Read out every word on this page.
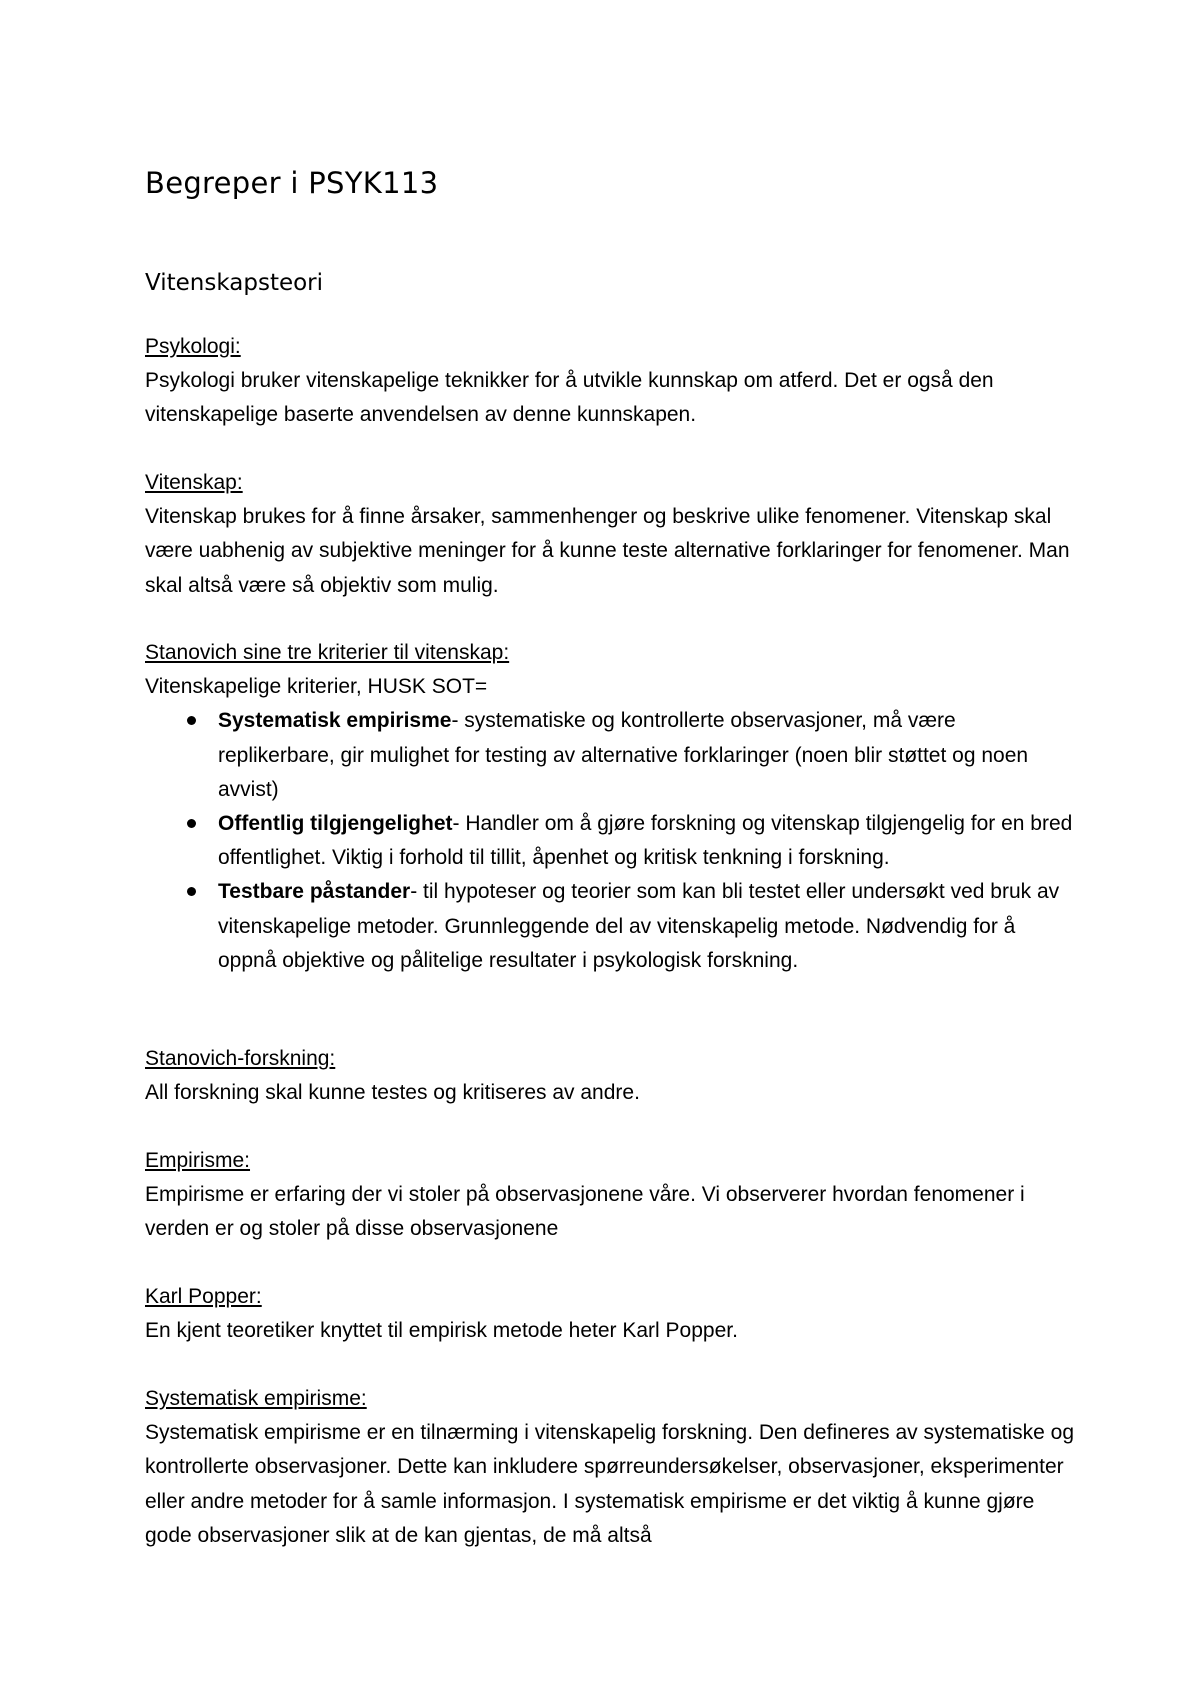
Begreper i PSYK113
Vitenskapsteori
Psykologi:
Psykologi bruker vitenskapelige teknikker for å utvikle kunnskap om atferd. Det er også den vitenskapelige baserte anvendelsen av denne kunnskapen.
Vitenskap:
Vitenskap brukes for å finne årsaker, sammenhenger og beskrive ulike fenomener. Vitenskap skal være uabhenig av subjektive meninger for å kunne teste alternative forklaringer for fenomener. Man skal altså være så objektiv som mulig.
Stanovich sine tre kriterier til vitenskap:
Vitenskapelige kriterier, HUSK SOT=
Systematisk empirisme- systematiske og kontrollerte observasjoner, må være replikerbare, gir mulighet for testing av alternative forklaringer (noen blir støttet og noen avvist)
Offentlig tilgjengelighet- Handler om å gjøre forskning og vitenskap tilgjengelig for en bred offentlighet. Viktig i forhold til tillit, åpenhet og kritisk tenkning i forskning.
Testbare påstander- til hypoteser og teorier som kan bli testet eller undersøkt ved bruk av vitenskapelige metoder. Grunnleggende del av vitenskapelig metode. Nødvendig for å oppnå objektive og pålitelige resultater i psykologisk forskning.
Stanovich-forskning:
All forskning skal kunne testes og kritiseres av andre.
Empirisme:
Empirisme er erfaring der vi stoler på observasjonene våre. Vi observerer hvordan fenomener i verden er og stoler på disse observasjonene
Karl Popper:
En kjent teoretiker knyttet til empirisk metode heter Karl Popper.
Systematisk empirisme:
Systematisk empirisme er en tilnærming i vitenskapelig forskning. Den defineres av systematiske og kontrollerte observasjoner. Dette kan inkludere spørreundersøkelser, observasjoner, eksperimenter eller andre metoder for å samle informasjon. I systematisk empirisme er det viktig å kunne gjøre gode observasjoner slik at de kan gjentas, de må altså
